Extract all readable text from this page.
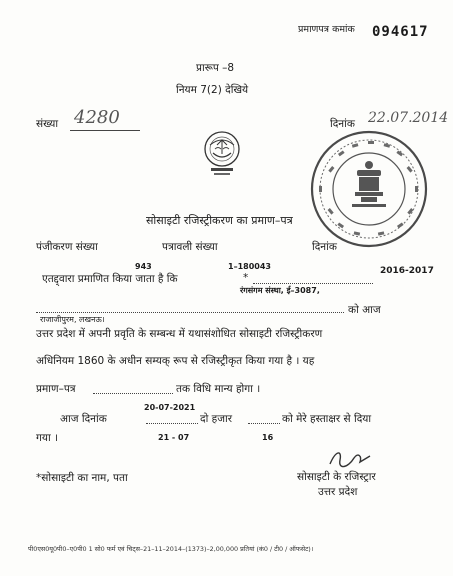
प्रमाणपत्र कमांक 094617
प्रारूप –8
नियम 7(2) देखिये
संख्या 4280	दिनांक 22.07.2014
सोसाइटी रजिस्ट्रीकरण का प्रमाण–पत्र
पंजीकरण संख्या	पत्रावली संख्या	दिनांक
943	1–180043	2016-2017
एतद्द्वारा प्रमाणित किया जाता है कि	*
रंगसंगम संस्था, ई–3087,
को आज
राजाजीपुरम, लखनऊ।
उत्तर प्रदेश में अपनी प्रवृति के सम्बन्ध में यथासंशोधित सोसाइटी रजिस्ट्रीकरण
अधिनियम 1860 के अधीन सम्यक् रूप से रजिस्ट्रीकृत किया गया है । यह
प्रमाण–पत्र	तक विधि मान्य होगा ।
20-07-2021
आज दिनांक	दो हजार	को मेरे हस्ताक्षर से दिया
गया ।	21 - 07	16
*सोसाइटी का नाम, पता	सोसाइटी के रजिस्ट्रार
उत्तर प्रदेश
पी0एस0यू0पी0–ए0पी0 1 सो0 फर्म एवं चिट्स–21–11–2014–(1373)–2,00,000 प्रतियां (कं0 / टी0 / ऑफसेट)।
